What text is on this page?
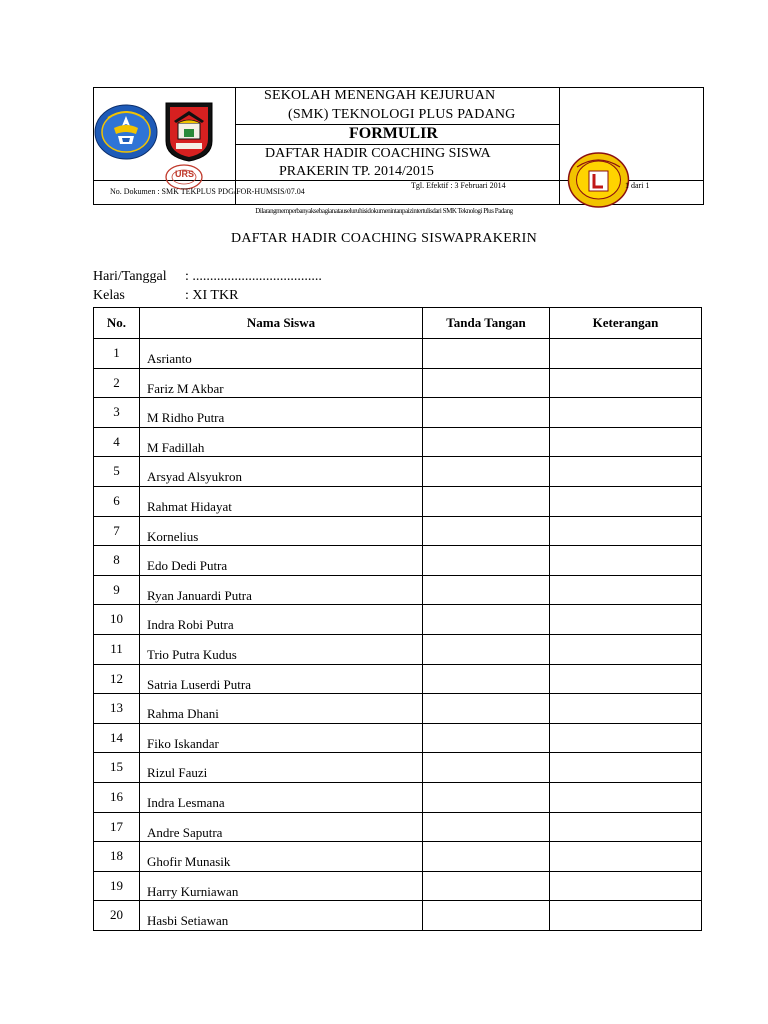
URS
SEKOLAH MENENGAH KEJURUAN
(SMK) TEKNOLOGI PLUS PADANG
FORMULIR
DAFTAR HADIR COACHING SISWA
PRAKERIN TP. 2014/2015
No. Dokumen : SMK TEKPLUS PDG/FOR-HUMSIS/07.04
Tgl. Efektif : 3 Februari 2014	1 dari 1
Dilarangmemperbanyaksebagianatauseluruhisidokumenintanpaizintertulisdari SMK Teknologi Plus Padang
DAFTAR HADIR COACHING SISWAPRAKERIN
Hari/Tanggal : .....................................
Kelas	: XI TKR
No.	Nama Siswa	Tanda Tangan	Keterangan
1	Asrianto		
2	Fariz M Akbar		
3	M Ridho Putra		
4	M Fadillah		
5	Arsyad Alsyukron		
6	Rahmat Hidayat		
7	Kornelius		
8	Edo Dedi Putra		
9	Ryan Januardi Putra		
10	Indra Robi Putra		
11	Trio Putra Kudus		
12	Satria Luserdi Putra		
13	Rahma Dhani		
14	Fiko Iskandar		
15	Rizul Fauzi		
16	Indra Lesmana		
17	Andre Saputra		
18	Ghofir Munasik		
19	Harry Kurniawan		
20	Hasbi Setiawan		
